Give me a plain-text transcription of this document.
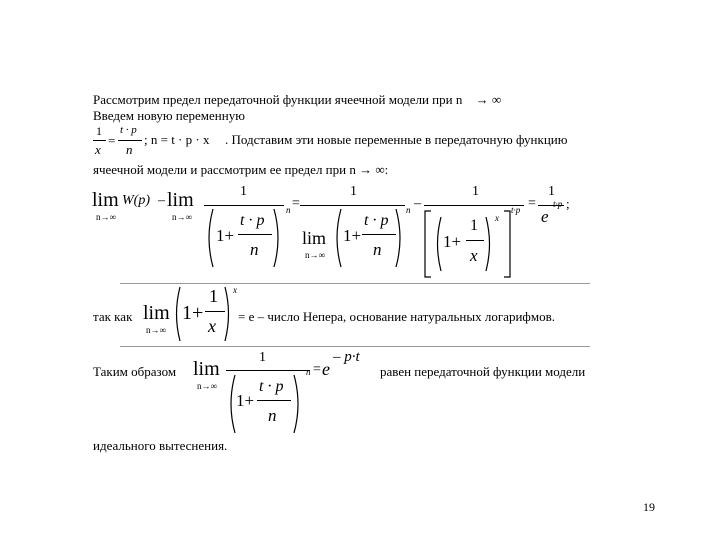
Рассмотрим предел передаточной функции ячеечной модели при n → ∞
Введем новую переменную
1
x
=
t · p
n
; n = t · p · x . Подставим эти новые переменные в передаточную функцию
ячеечной модели и рассмотрим ее предел при n → ∞:
lim
n→∞
W(p) – lim
n→∞
1
1+
t · p
n
n =
1
lim
n→∞
1+
t · p
n
n –
1
1+
1
x
x
t·p =
1
e
t·p ;
так как lim
n→∞
1+
1
x
x
= e – число Непера, основание натуральных логарифмов.
Таким образом lim
n→∞
1
1+
t · p
n
n = e
– p·t
равен передаточной функции модели
идеального вытеснения.
19
